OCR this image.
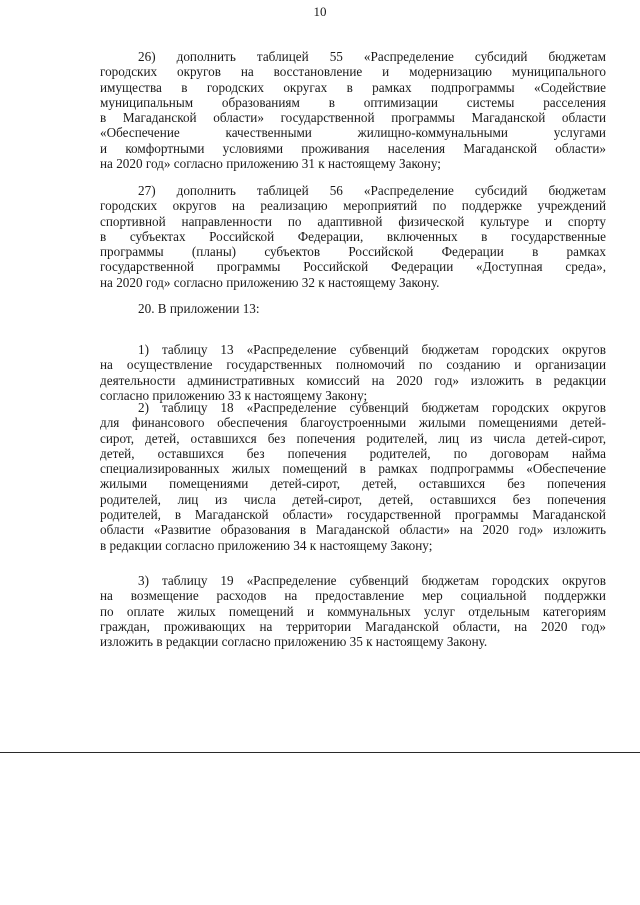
10
26) дополнить таблицей 55 «Распределение субсидий бюджетам
городских округов на восстановление и модернизацию муниципального
имущества в городских округах в рамках подпрограммы «Содействие
муниципальным образованиям в оптимизации системы расселения
в Магаданской области» государственной программы Магаданской области
«Обеспечение качественными жилищно-коммунальными услугами
и комфортными условиями проживания населения Магаданской области»
на 2020 год» согласно приложению 31 к настоящему Закону;
27) дополнить таблицей 56 «Распределение субсидий бюджетам
городских округов на реализацию мероприятий по поддержке учреждений
спортивной направленности по адаптивной физической культуре и спорту
в субъектах Российской Федерации, включенных в государственные
программы (планы) субъектов Российской Федерации в рамках
государственной программы Российской Федерации «Доступная среда»,
на 2020 год» согласно приложению 32 к настоящему Закону.
20. В приложении 13:
1) таблицу 13 «Распределение субвенций бюджетам городских округов
на осуществление государственных полномочий по созданию и организации
деятельности административных комиссий на 2020 год» изложить в редакции
согласно приложению 33 к настоящему Закону;
2) таблицу 18 «Распределение субвенций бюджетам городских округов
для финансового обеспечения благоустроенными жилыми помещениями детей-
сирот, детей, оставшихся без попечения родителей, лиц из числа детей-сирот,
детей, оставшихся без попечения родителей, по договорам найма
специализированных жилых помещений в рамках подпрограммы «Обеспечение
жилыми помещениями детей-сирот, детей, оставшихся без попечения
родителей, лиц из числа детей-сирот, детей, оставшихся без попечения
родителей, в Магаданской области» государственной программы Магаданской
области «Развитие образования в Магаданской области» на 2020 год» изложить
в редакции согласно приложению 34 к настоящему Закону;
3) таблицу 19 «Распределение субвенций бюджетам городских округов
на возмещение расходов на предоставление мер социальной поддержки
по оплате жилых помещений и коммунальных услуг отдельным категориям
граждан, проживающих на территории Магаданской области, на 2020 год»
изложить в редакции согласно приложению 35 к настоящему Закону.
